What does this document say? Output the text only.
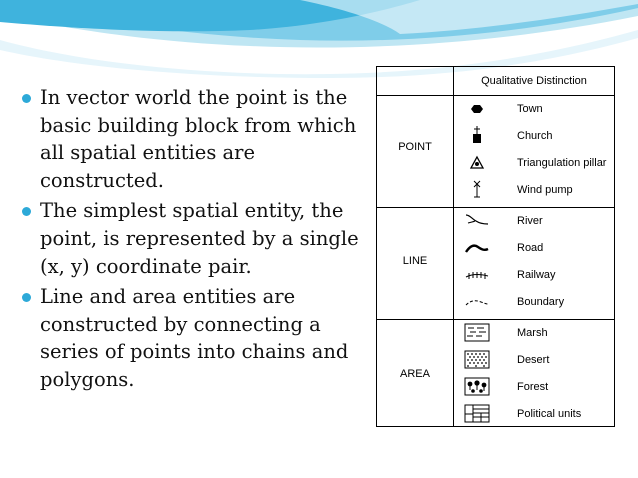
In vector world the point is the basic building block from which all spatial entities are constructed.
The simplest spatial entity, the point, is represented by a single (x, y) coordinate pair.
Line and area entities are constructed by connecting a series of points into chains and polygons.
Qualitative Distinction
POINT
LINE
AREA
Town
Church
Triangulation pillar
Wind pump
River
Road
Railway
Boundary
Marsh
Desert
Forest
Political units
